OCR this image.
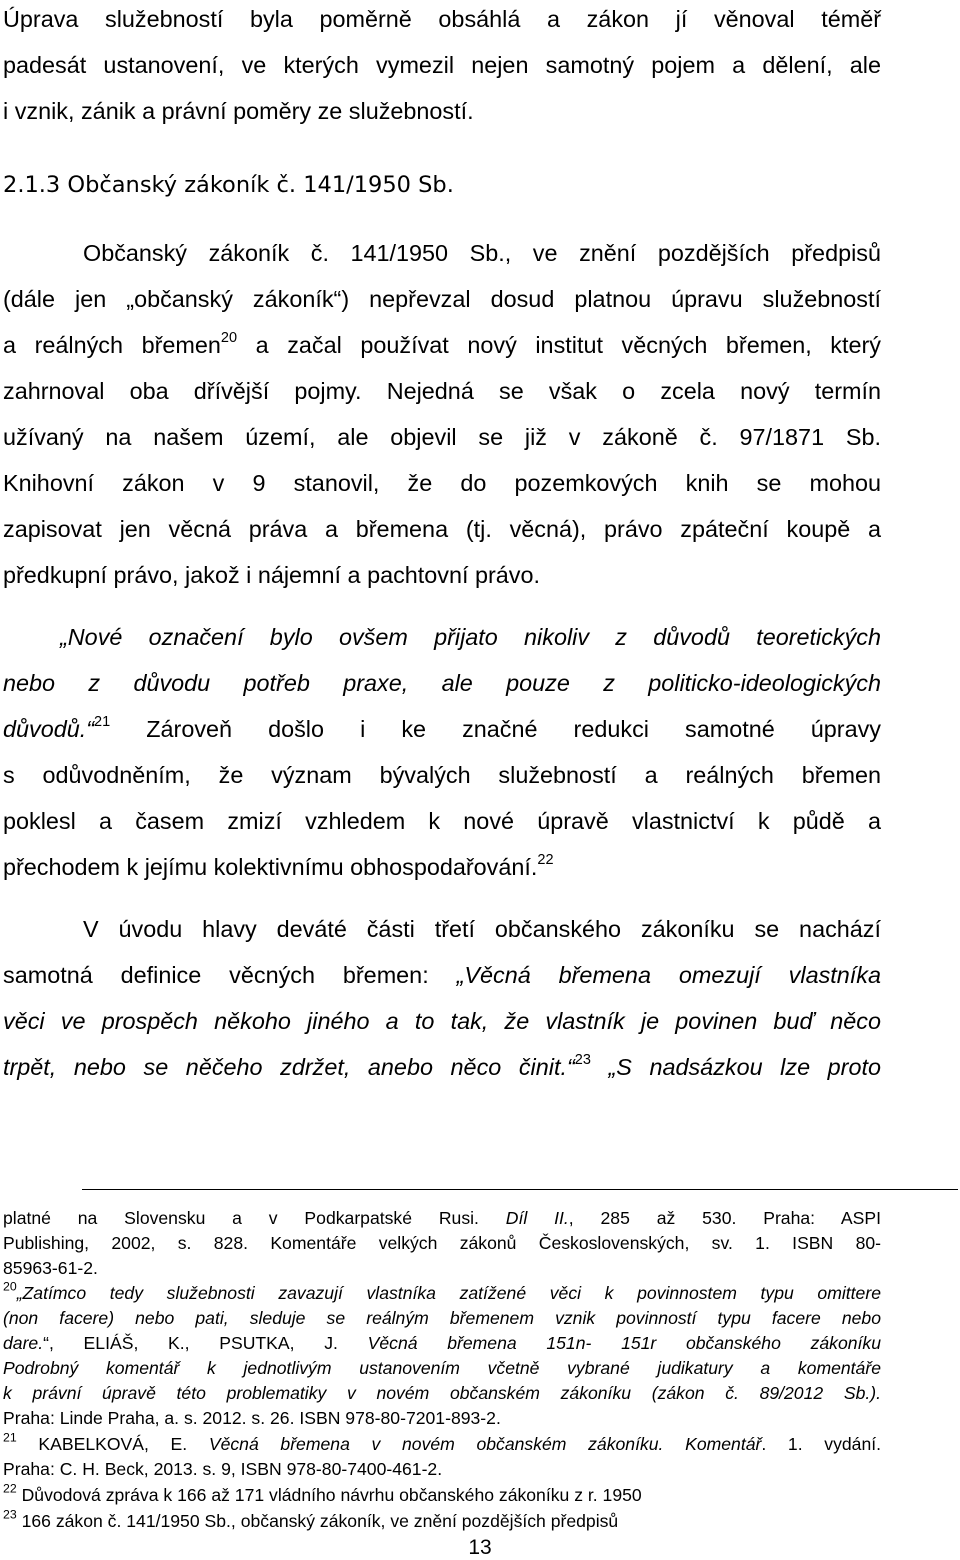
Úprava služebností byla poměrně obsáhlá a zákon jí věnoval téměř
padesát ustanovení, ve kterých vymezil nejen samotný pojem a dělení, ale
i vznik, zánik a právní poměry ze služebností.
2.1.3 Občanský zákoník č. 141/1950 Sb.
Občanský zákoník č. 141/1950 Sb., ve znění pozdějších předpisů
(dále jen „občanský zákoník“) nepřevzal dosud platnou úpravu služebností
a reálných břemen$^{20}$ a začal používat nový institut věcných břemen, který
zahrnoval oba dřívější pojmy. Nejedná se však o zcela nový termín
užívaný na našem území, ale objevil se již v zákoně č. 97/1871 Sb.
Knihovní zákon v 9 stanovil, že do pozemkových knih se mohou
zapisovat jen věcná práva a břemena (tj. věcná), právo zpáteční koupě a
předkupní právo, jakož i nájemní a pachtovní právo.
„Nové označení bylo ovšem přijato nikoliv z důvodů teoretických
nebo z důvodu potřeb praxe, ale pouze z politicko-ideologických
důvodů.“$^{21}$ Zároveň došlo i ke značné redukci samotné úpravy
s odůvodněním, že význam bývalých služebností a reálných břemen
poklesl a časem zmizí vzhledem k nové úpravě vlastnictví k půdě a
přechodem k jejímu kolektivnímu obhospodařování.$^{22}$
V úvodu hlavy deváté části třetí občanského zákoníku se nachází
samotná definice věcných břemen: „Věcná břemena omezují vlastníka
věci ve prospěch někoho jiného a to tak, že vlastník je povinen buď něco
trpět, nebo se něčeho zdržet, anebo něco činit.“$^{23}$ „S nadsázkou lze proto
platné na Slovensku a v Podkarpatské Rusi. Díl II., 285 až 530. Praha: ASPI
Publishing, 2002, s. 828. Komentáře velkých zákonů Československých, sv. 1. ISBN 80-
85963-61-2.
$^{20}$„Zatímco tedy služebnosti zavazují vlastníka zatížené věci k povinnostem typu omittere
(non facere) nebo pati, sleduje se reálným břemenem vznik povinností typu facere nebo
dare.“, ELIÁŠ, K., PSUTKA, J. Věcná břemena 151n- 151r občanského zákoníku
Podrobný komentář k jednotlivým ustanovením včetně vybrané judikatury a komentáře
k právní úpravě této problematiky v novém občanském zákoníku (zákon č. 89/2012 Sb.).
Praha: Linde Praha, a. s. 2012. s. 26. ISBN 978-80-7201-893-2.
$^{21}$ KABELKOVÁ, E. Věcná břemena v novém občanském zákoníku. Komentář. 1. vydání.
Praha: C. H. Beck, 2013. s. 9, ISBN 978-80-7400-461-2.
$^{22}$ Důvodová zpráva k 166 až 171 vládního návrhu občanského zákoníku z r. 1950
$^{23}$ 166 zákon č. 141/1950 Sb., občanský zákoník, ve znění pozdějších předpisů
13
